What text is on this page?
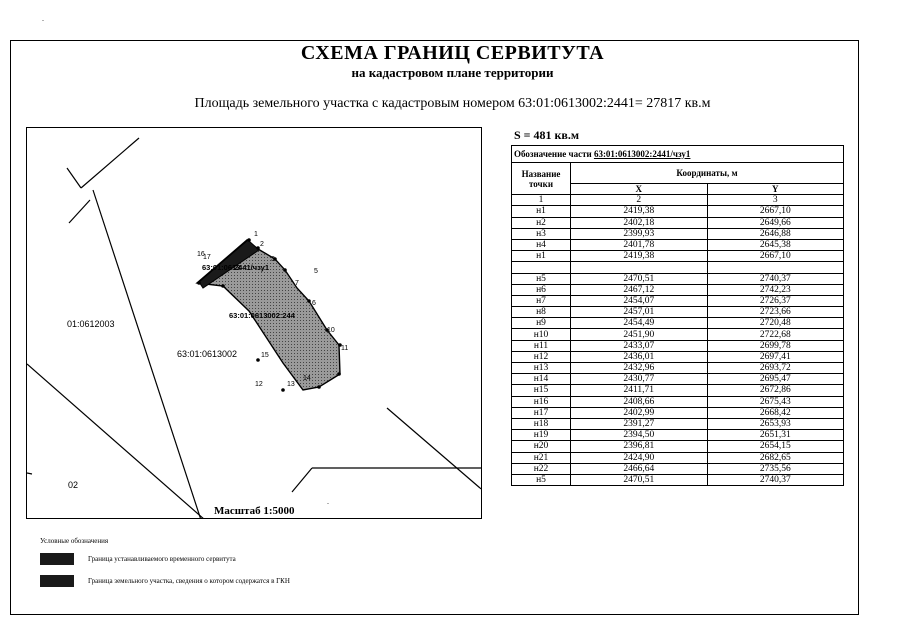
.
СХЕМА ГРАНИЦ СЕРВИТУТА
на кадастровом плане территории
Площадь земельного участка с кадастровым номером 63:01:0613002:2441= 27817 кв.м
1
2
3
5
7
6
10
11
15
16
17
13
14
12
63:01:0613
2441/чзу1
63:01:0613002:244
01:0612003
63:01:0613002
02
Масштаб 1:5000
.
S = 481 кв.м
Обозначение части 63:01:0613002:2441/чзу1		
Название точки	Координаты, м	
	X	Y
1	2	3
н1	2419,38	2667,10
н2	2402,18	2649,66
н3	2399,93	2646,88
н4	2401,78	2645,38
н1	2419,38	2667,10

н5	2470,51	2740,37
н6	2467,12	2742,23
н7	2454,07	2726,37
н8	2457,01	2723,66
н9	2454,49	2720,48
н10	2451,90	2722,68
н11	2433,07	2699,78
н12	2436,01	2697,41
н13	2432,96	2693,72
н14	2430,77	2695,47
н15	2411,71	2672,86
н16	2408,66	2675,43
н17	2402,99	2668,42
н18	2391,27	2653,93
н19	2394,50	2651,31
н20	2396,81	2654,15
н21	2424,90	2682,65
н22	2466,64	2735,56
н5	2470,51	2740,37
Условные обозначения
Граница устанавливаемого временного сервитута
Граница земельного участка, сведения о котором содержатся в ГКН
